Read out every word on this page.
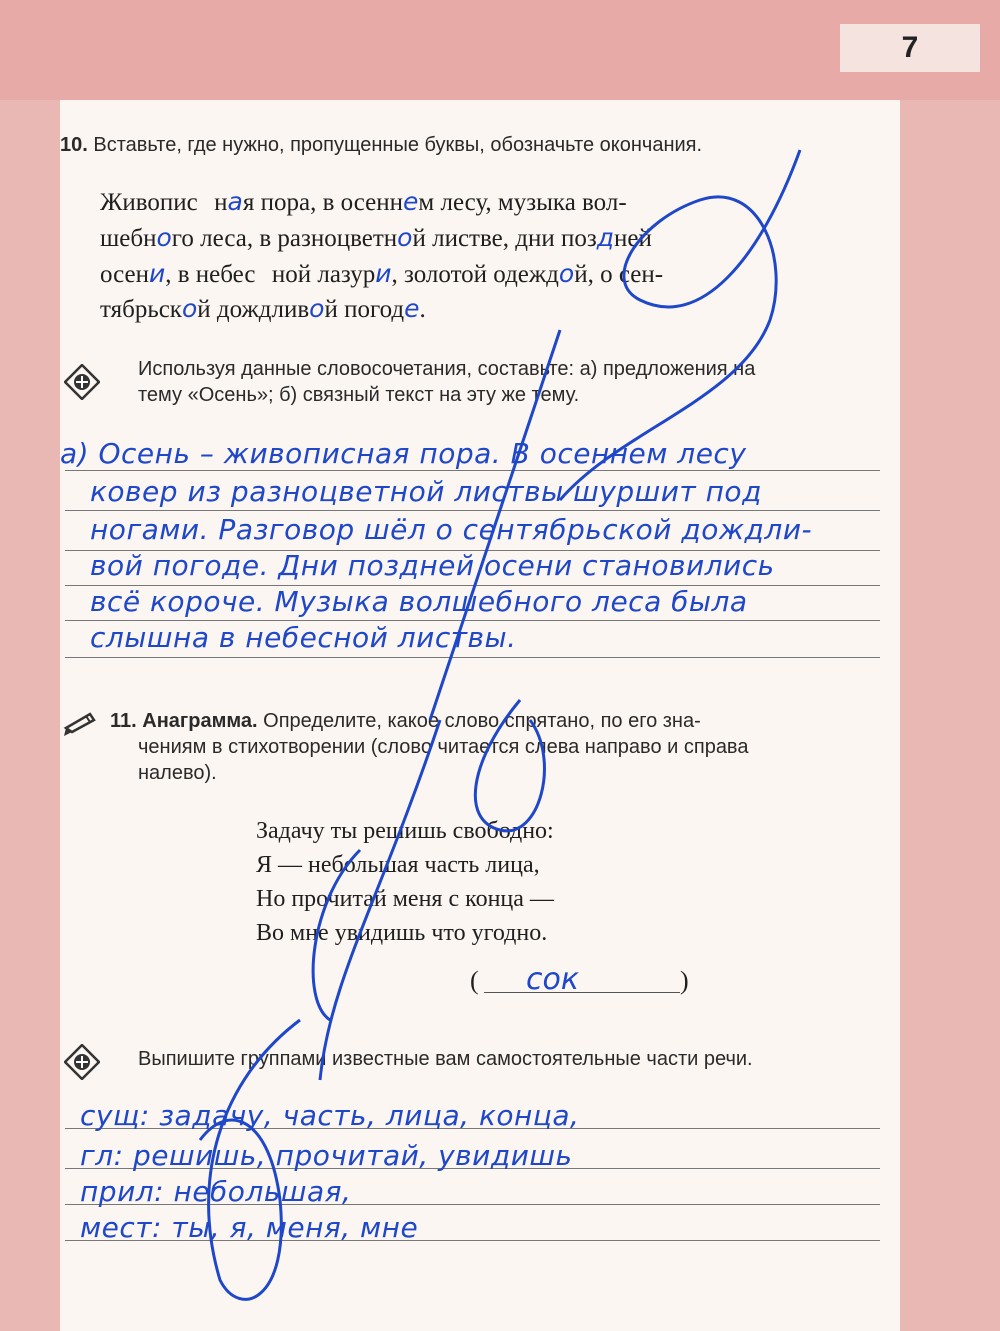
7
10. Вставьте, где нужно, пропущенные буквы, обозначьте окончания.
Живопис ная пора, в осеннем лесу, музыка вол-
шебного леса, в разноцветной листве, дни поздней
осени, в небес ной лазури, золотой одеждой, о сен-
тябрьской дождливой погоде.
Используя данные словосочетания, составьте: а) предложения на
тему «Осень»; б) связный текст на эту же тему.
а) Осень – живописная пора. В осеннем лесу
ковер из разноцветной листвы шуршит под
ногами. Разговор шёл о сентябрьской дождли-
вой погоде. Дни поздней осени становились
всё короче. Музыка волшебного леса была
слышна в небесной листвы.
11. Анаграмма. Определите, какое слово спрятано, по его зна-
чениям в стихотворении (слово читается слева направо и справа
налево).
Задачу ты решишь свободно:
Я — небольшая часть лица,
Но прочитай меня с конца —
Во мне увидишь что угодно.
( сок	)
Выпишите группами известные вам самостоятельные части речи.
сущ: задачу, часть, лица, конца,
гл: решишь, прочитай, увидишь
прил: небольшая,
мест: ты, я, меня, мне
